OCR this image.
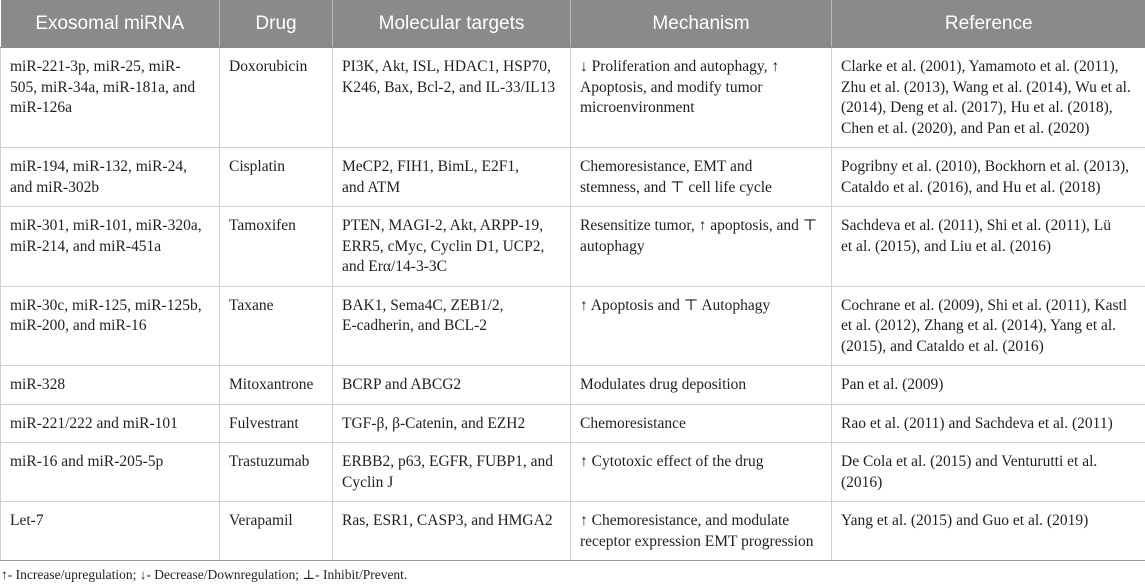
Exosomal miRNA	Drug	Molecular targets	Mechanism	Reference

miR-221-3p, miR-25, miR-
505, miR-34a, miR-181a, and
miR-126a	Doxorubicin	PI3K, Akt, ISL, HDAC1, HSP70,
K246, Bax, Bcl-2, and IL-33/IL13	↓ Proliferation and autophagy, ↑
Apoptosis, and modify tumor
microenvironment	Clarke et al. (2001), Yamamoto et al. (2011),
Zhu et al. (2013), Wang et al. (2014), Wu et al.
(2014), Deng et al. (2017), Hu et al. (2018),
Chen et al. (2020), and Pan et al. (2020)

miR-194, miR-132, miR-24,
and miR-302b	Cisplatin	MeCP2, FIH1, BimL, E2F1,
and ATM	Chemoresistance, EMT and
stemness, and ⊤ cell life cycle	Pogribny et al. (2010), Bockhorn et al. (2013),
Cataldo et al. (2016), and Hu et al. (2018)

miR-301, miR-101, miR-320a,
miR-214, and miR-451a	Tamoxifen	PTEN, MAGI-2, Akt, ARPP-19,
ERR5, cMyc, Cyclin D1, UCP2,
and Erα/14-3-3C	Resensitize tumor, ↑ apoptosis, and ⊤
autophagy	Sachdeva et al. (2011), Shi et al. (2011), Lü
et al. (2015), and Liu et al. (2016)

miR-30c, miR-125, miR-125b,
miR-200, and miR-16	Taxane	BAK1, Sema4C, ZEB1/2,
E-cadherin, and BCL-2	↑ Apoptosis and ⊤ Autophagy	Cochrane et al. (2009), Shi et al. (2011), Kastl
et al. (2012), Zhang et al. (2014), Yang et al.
(2015), and Cataldo et al. (2016)

miR-328	Mitoxantrone	BCRP and ABCG2	Modulates drug deposition	Pan et al. (2009)

miR-221/222 and miR-101	Fulvestrant	TGF-β, β-Catenin, and EZH2	Chemoresistance	Rao et al. (2011) and Sachdeva et al. (2011)

miR-16 and miR-205-5p	Trastuzumab	ERBB2, p63, EGFR, FUBP1, and
Cyclin J	↑ Cytotoxic effect of the drug	De Cola et al. (2015) and Venturutti et al.
(2016)

Let-7	Verapamil	Ras, ESR1, CASP3, and HMGA2	↑ Chemoresistance, and modulate
receptor expression EMT progression	Yang et al. (2015) and Guo et al. (2019)
↑- Increase/upregulation; ↓- Decrease/Downregulation; ⊥- Inhibit/Prevent.
